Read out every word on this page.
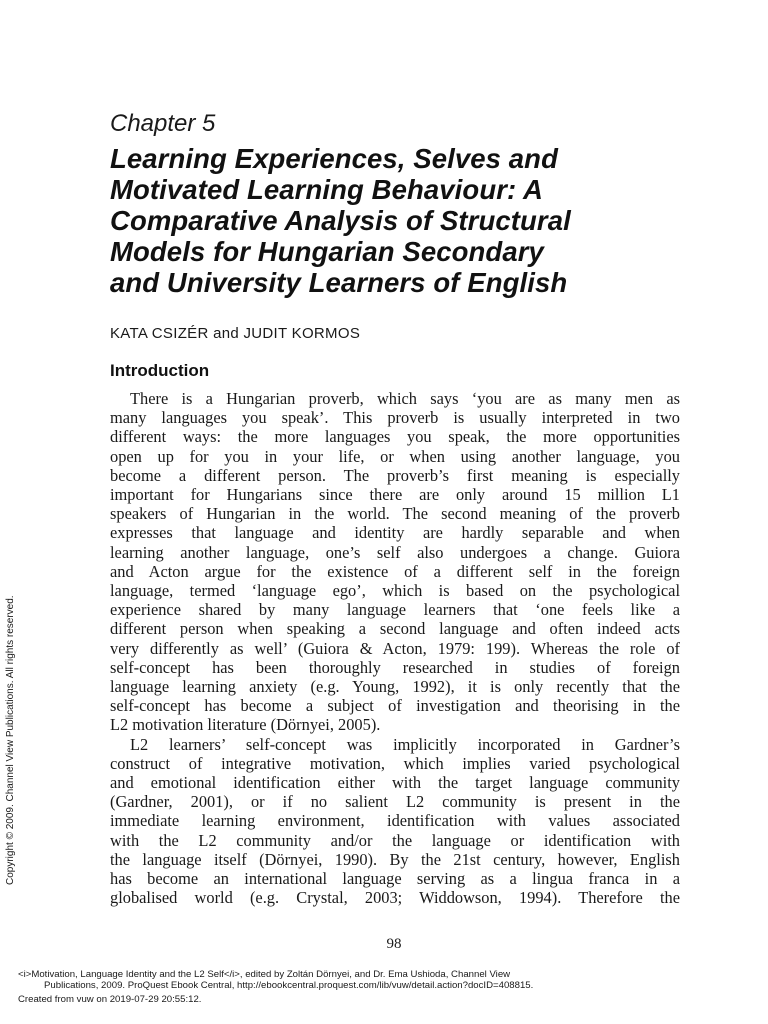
Chapter 5
Learning Experiences, Selves and
Motivated Learning Behaviour: A
Comparative Analysis of Structural
Models for Hungarian Secondary
and University Learners of English
KATA CSIZÉR and JUDIT KORMOS
Introduction
There is a Hungarian proverb, which says ‘you are as many men as
many languages you speak’. This proverb is usually interpreted in two
different ways: the more languages you speak, the more opportunities
open up for you in your life, or when using another language, you
become a different person. The proverb’s first meaning is especially
important for Hungarians since there are only around 15 million L1
speakers of Hungarian in the world. The second meaning of the proverb
expresses that language and identity are hardly separable and when
learning another language, one’s self also undergoes a change. Guiora
and Acton argue for the existence of a different self in the foreign
language, termed ‘language ego’, which is based on the psychological
experience shared by many language learners that ‘one feels like a
different person when speaking a second language and often indeed acts
very differently as well’ (Guiora & Acton, 1979: 199). Whereas the role of
self-concept has been thoroughly researched in studies of foreign
language learning anxiety (e.g. Young, 1992), it is only recently that the
self-concept has become a subject of investigation and theorising in the
L2 motivation literature (Dörnyei, 2005).
L2 learners’ self-concept was implicitly incorporated in Gardner’s
construct of integrative motivation, which implies varied psychological
and emotional identification either with the target language community
(Gardner, 2001), or if no salient L2 community is present in the
immediate learning environment, identification with values associated
with the L2 community and/or the language or identification with
the language itself (Dörnyei, 1990). By the 21st century, however, English
has become an international language serving as a lingua franca in a
globalised world (e.g. Crystal, 2003; Widdowson, 1994). Therefore the
98
<i>Motivation, Language Identity and the L2 Self</i>, edited by Zoltán Dörnyei, and Dr. Ema Ushioda, Channel View
Publications, 2009. ProQuest Ebook Central, http://ebookcentral.proquest.com/lib/vuw/detail.action?docID=408815.
Created from vuw on 2019-07-29 20:55:12.
Copyright © 2009. Channel View Publications. All rights reserved.
